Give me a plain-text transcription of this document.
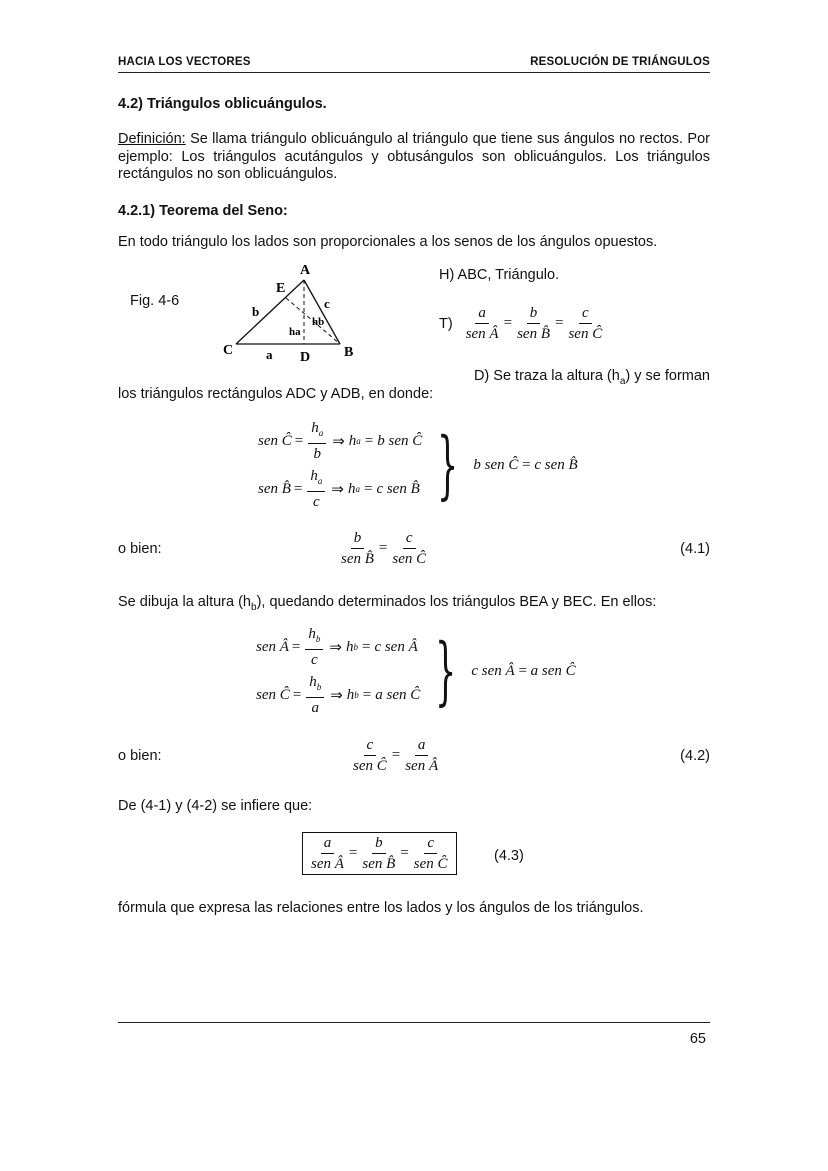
HACIA LOS VECTORES	RESOLUCIÓN DE TRIÁNGULOS
4.2) Triángulos oblicuángulos.
Definición: Se llama triángulo oblicuángulo al triángulo que tiene sus ángulos no rectos. Por ejemplo: Los triángulos acutángulos y obtusángulos son oblicuángulos. Los triángulos rectángulos no son oblicuángulos.
4.2.1) Teorema del Seno:
En todo triángulo los lados son proporcionales a los senos de los ángulos opuestos.
Fig. 4-6
A
B
C	D
E
a
b
c
ha
hb
H) ABC, Triángulo.
$T) \frac{a}{\text{sen Â}} = \frac{b}{\text{sen B̂}} = \frac{c}{\text{sen Ĉ}}$
D) Se traza la altura $(h_a)$ y se forman
los triángulos rectángulos ADC y ADB, en donde:
sen Ĉ = $\frac{h_a}{b}$ ⇒ h a = b sen Ĉ
sen B̂ = $\frac{h_a}{c}$ ⇒ h a = c sen B̂ } b sen Ĉ = c sen B̂
o bien:	$\frac{b}{\text{sen B̂}} = \frac{c}{\text{sen Ĉ}}$	(4.1)
Se dibuja la altura $(h_b)$, quedando determinados los triángulos BEA y BEC. En ellos:
sen Â = $\frac{h_b}{c}$ ⇒ h b = c sen Â
sen Ĉ = $\frac{h_b}{a}$ ⇒ h b = a sen Ĉ } c sen Â = a sen Ĉ
o bien:	$\frac{c}{\text{sen Ĉ}} = \frac{a}{\text{sen Â}}$	(4.2)
De (4-1) y (4-2) se infiere que:
$\frac{a}{\text{sen Â}} = \frac{b}{\text{sen B̂}} = \frac{c}{\text{sen Ĉ}}$	(4.3)
fórmula que expresa las relaciones entre los lados y los ángulos de los triángulos.
65
